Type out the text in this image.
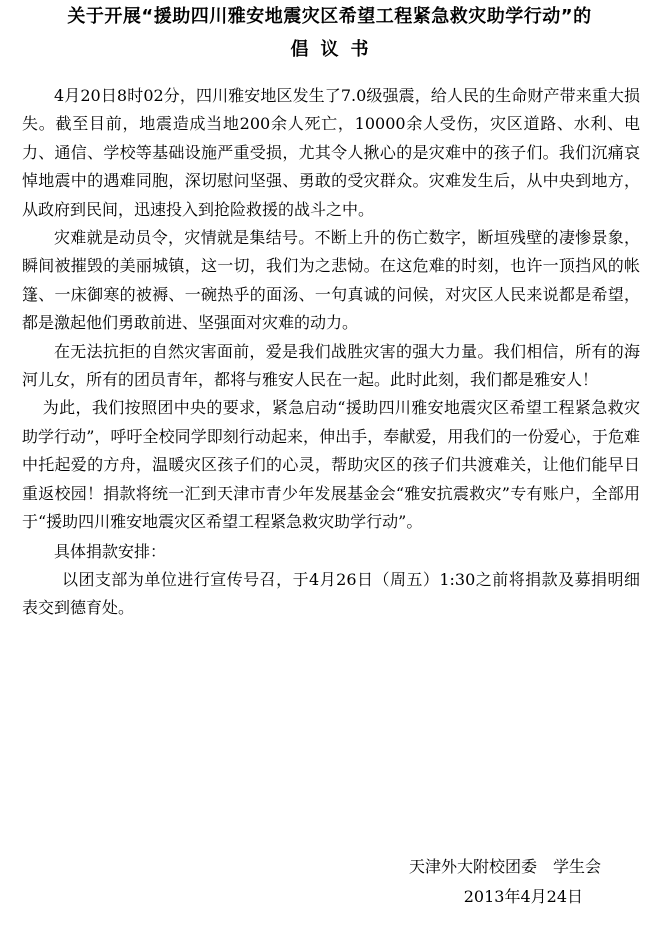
关于开展“援助四川雅安地震灾区希望工程紧急救灾助学行动”的
倡议书

4月20日8时02分，四川雅安地区发生了7.0级强震，给人民的生命财产带来重大损失。截至目前，地震造成当地200余人死亡，10000余人受伤，灾区道路、水利、电力、通信、学校等基础设施严重受损，尤其令人揪心的是灾难中的孩子们。我们沉痛哀悼地震中的遇难同胞，深切慰问坚强、勇敢的受灾群众。灾难发生后，从中央到地方，从政府到民间，迅速投入到抢险救援的战斗之中。

灾难就是动员令，灾情就是集结号。不断上升的伤亡数字，断垣残壁的凄惨景象，瞬间被摧毁的美丽城镇，这一切，我们为之悲恸。在这危难的时刻，也许一顶挡风的帐篷、一床御寒的被褥、一碗热乎的面汤、一句真诚的问候，对灾区人民来说都是希望，都是激起他们勇敢前进、坚强面对灾难的动力。

在无法抗拒的自然灾害面前，爱是我们战胜灾害的强大力量。我们相信，所有的海河儿女，所有的团员青年，都将与雅安人民在一起。此时此刻，我们都是雅安人！

为此，我们按照团中央的要求，紧急启动“援助四川雅安地震灾区希望工程紧急救灾助学行动”，呼吁全校同学即刻行动起来，伸出手，奉献爱，用我们的一份爱心，于危难中托起爱的方舟，温暖灾区孩子们的心灵，帮助灾区的孩子们共渡难关，让他们能早日重返校园！捐款将统一汇到天津市青少年发展基金会“雅安抗震救灾”专有账户，全部用于“援助四川雅安地震灾区希望工程紧急救灾助学行动”。

具体捐款安排：

以团支部为单位进行宣传号召，于4月26日（周五）1:30之前将捐款及募捐明细表交到德育处。

天津外大附校团委　学生会
2013年4月24日
